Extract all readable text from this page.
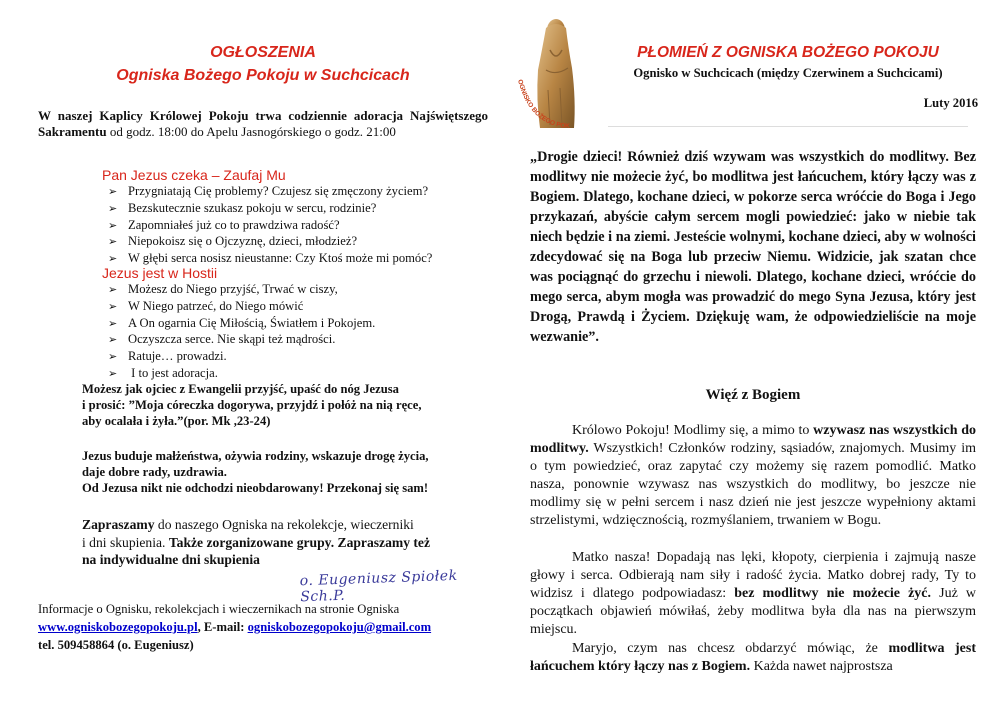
OGŁOSZENIA
Ogniska Bożego Pokoju w Suchcicach
W naszej Kaplicy Królowej Pokoju trwa codziennie adoracja Najświętszego Sakramentu od godz. 18:00 do Apelu Jasnogórskiego o godz. 21:00
Pan Jezus czeka – Zaufaj Mu
➢ Przygniatają Cię problemy? Czujesz się zmęczony życiem?
➢ Bezskutecznie szukasz pokoju w sercu, rodzinie?
➢ Zapomniałeś już co to prawdziwa radość?
➢ Niepokoisz się o Ojczyznę, dzieci, młodzież?
➢ W głębi serca nosisz nieustanne: Czy Ktoś może mi pomóc?
Jezus jest w Hostii
➢ Możesz do Niego przyjść, Trwać w ciszy,
➢ W Niego patrzeć, do Niego mówić
➢ A On ogarnia Cię Miłością, Światłem i Pokojem.
➢ Oczyszcza serce. Nie skąpi też mądrości.
➢ Ratuje… prowadzi.
➢ I to jest adoracja.
Możesz jak ojciec z Ewangelii przyjść, upaść do nóg Jezusa
i prosić: ”Moja córeczka dogorywa, przyjdź i połóż na nią ręce,
aby ocalała i żyła.”(por. Mk ,23-24)
Jezus buduje małżeństwa, ożywia rodziny, wskazuje drogę życia,
daje dobre rady, uzdrawia.
Od Jezusa nikt nie odchodzi nieobdarowany! Przekonaj się sam!
Zapraszamy do naszego Ogniska na rekolekcje, wieczerniki
i dni skupienia. Także zorganizowane grupy. Zapraszamy też
na indywidualne dni skupienia
o. Eugeniusz Spiołek Sch.P.
Informacje o Ognisku, rekolekcjach i wieczernikach na stronie Ogniska
www.ogniskobozegopokoju.pl, E-mail: ogniskobozegopokoju@gmail.com
tel. 509458864 (o. Eugeniusz)
OGNISKO BOŻEGO POK
PŁOMIEŃ Z OGNISKA BOŻEGO POKOJU
Ognisko w Suchcicach (między Czerwinem a Suchcicami)
Luty 2016
„Drogie dzieci! Również dziś wzywam was wszystkich do modlitwy. Bez modlitwy nie możecie żyć, bo modlitwa jest łańcuchem, który łączy was z Bogiem. Dlatego, kochane dzieci, w pokorze serca wróćcie do Boga i Jego przykazań, abyście całym sercem mogli powiedzieć: jako w niebie tak niech będzie i na ziemi. Jesteście wolnymi, kochane dzieci, aby w wolności zdecydować się na Boga lub przeciw Niemu. Widzicie, jak szatan chce was pociągnąć do grzechu i niewoli. Dlatego, kochane dzieci, wróćcie do mego serca, abym mogła was prowadzić do mego Syna Jezusa, który jest Drogą, Prawdą i Życiem. Dziękuję wam, że odpowiedzieliście na moje wezwanie”.
Więź z Bogiem
Królowo Pokoju! Modlimy się, a mimo to wzywasz nas wszystkich do modlitwy. Wszystkich! Członków rodziny, sąsiadów, znajomych. Musimy im o tym powiedzieć, oraz zapytać czy możemy się razem pomodlić. Matko nasza, ponownie wzywasz nas wszystkich do modlitwy, bo jeszcze nie modlimy się w pełni sercem i nasz dzień nie jest jeszcze wypełniony aktami strzelistymi, wdzięcznością, rozmyślaniem, trwaniem w Bogu.
Matko nasza! Dopadają nas lęki, kłopoty, cierpienia i zajmują nasze głowy i serca. Odbierają nam siły i radość życia. Matko dobrej rady, Ty to widzisz i dlatego podpowiadasz: bez modlitwy nie możecie żyć. Już w początkach objawień mówiłaś, żeby modlitwa była dla nas na pierwszym miejscu.
Maryjo, czym nas chcesz obdarzyć mówiąc, że modlitwa jest łańcuchem który łączy nas z Bogiem. Każda nawet najprostsza
